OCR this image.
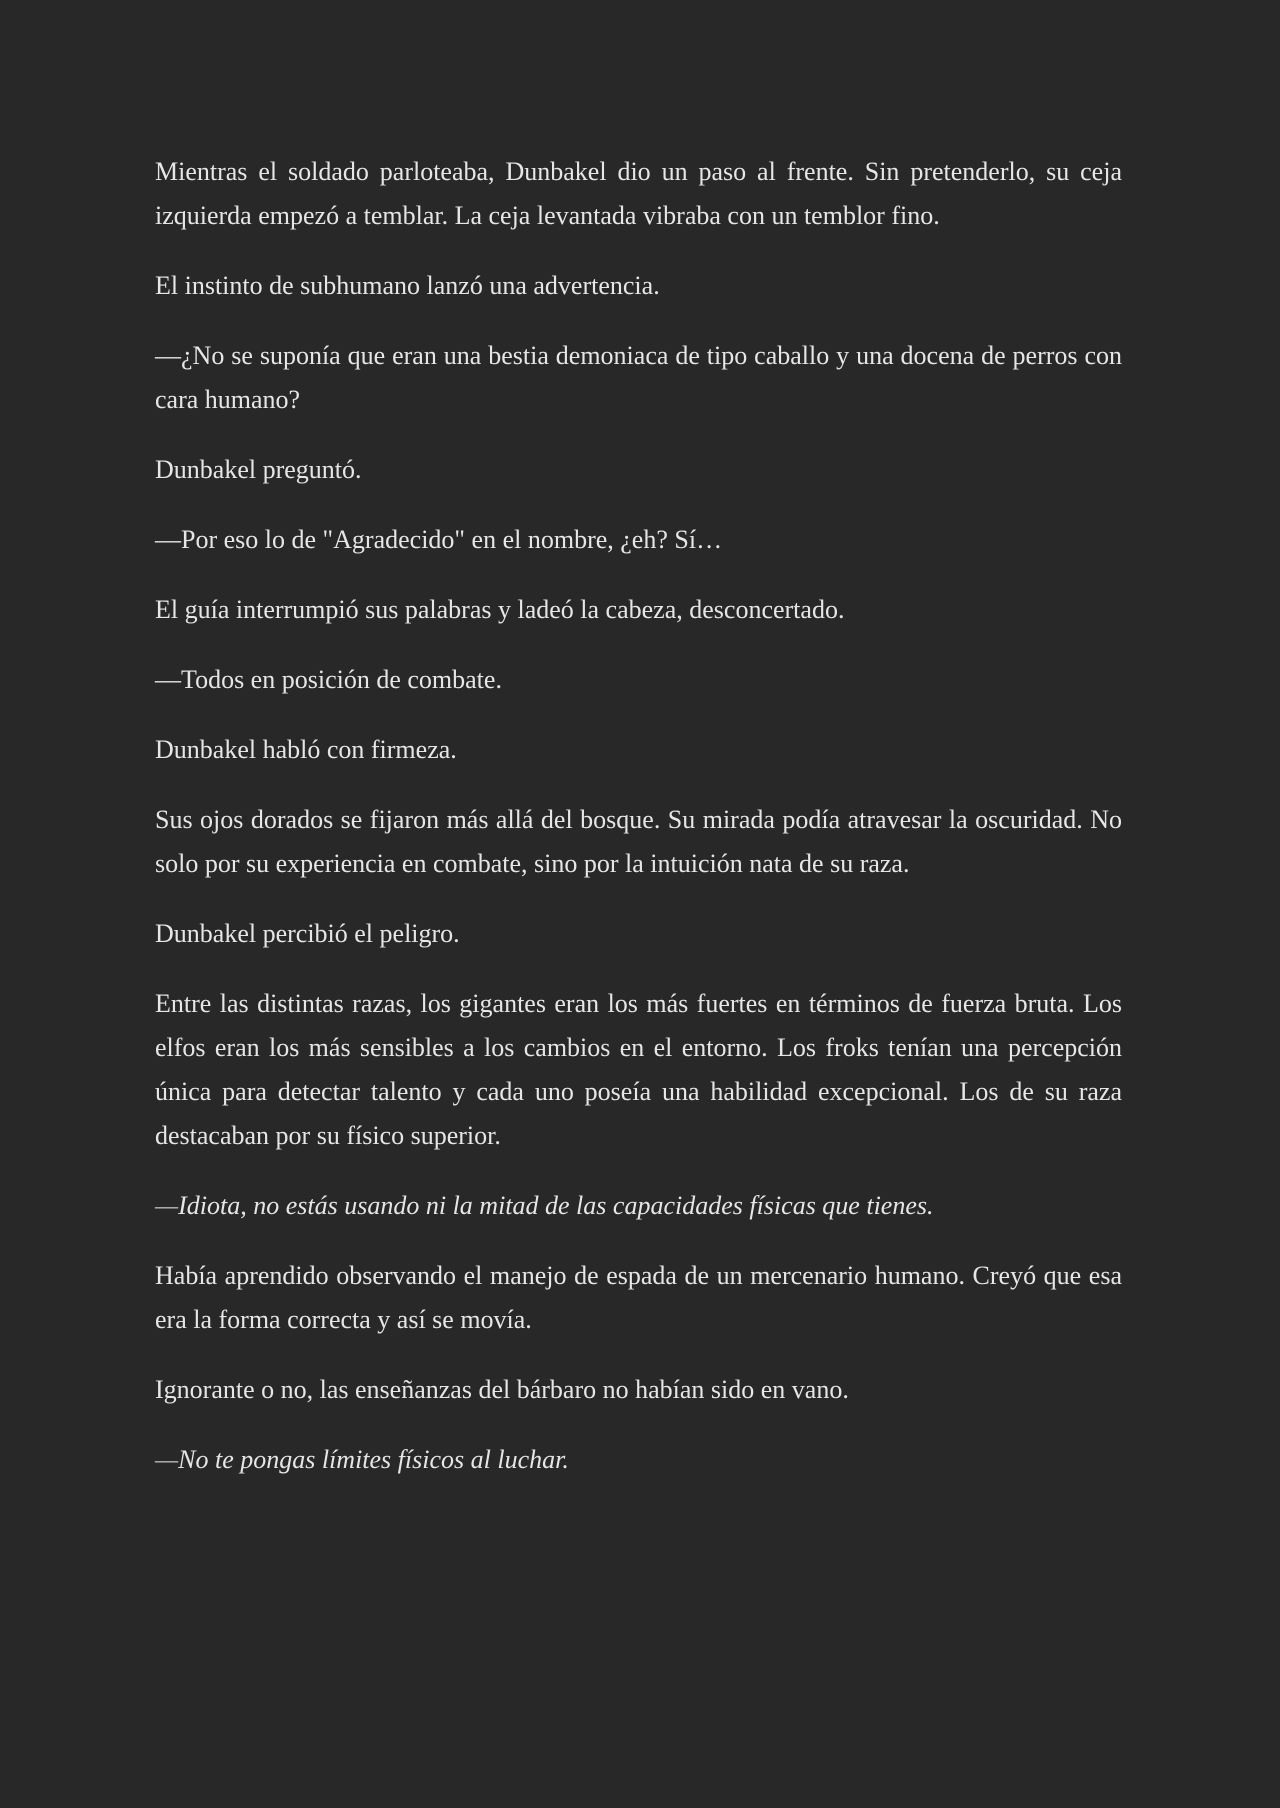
Mientras el soldado parloteaba, Dunbakel dio un paso al frente. Sin pretenderlo, su ceja izquierda empezó a temblar. La ceja levantada vibraba con un temblor fino.

El instinto de subhumano lanzó una advertencia.

—¿No se suponía que eran una bestia demoniaca de tipo caballo y una docena de perros con cara humano?

Dunbakel preguntó.

—Por eso lo de "Agradecido" en el nombre, ¿eh? Sí…

El guía interrumpió sus palabras y ladeó la cabeza, desconcertado.

—Todos en posición de combate.

Dunbakel habló con firmeza.

Sus ojos dorados se fijaron más allá del bosque. Su mirada podía atravesar la oscuridad. No solo por su experiencia en combate, sino por la intuición nata de su raza.

Dunbakel percibió el peligro.

Entre las distintas razas, los gigantes eran los más fuertes en términos de fuerza bruta. Los elfos eran los más sensibles a los cambios en el entorno. Los froks tenían una percepción única para detectar talento y cada uno poseía una habilidad excepcional. Los de su raza destacaban por su físico superior.

—Idiota, no estás usando ni la mitad de las capacidades físicas que tienes.

Había aprendido observando el manejo de espada de un mercenario humano. Creyó que esa era la forma correcta y así se movía.

Ignorante o no, las enseñanzas del bárbaro no habían sido en vano.

—No te pongas límites físicos al luchar.
